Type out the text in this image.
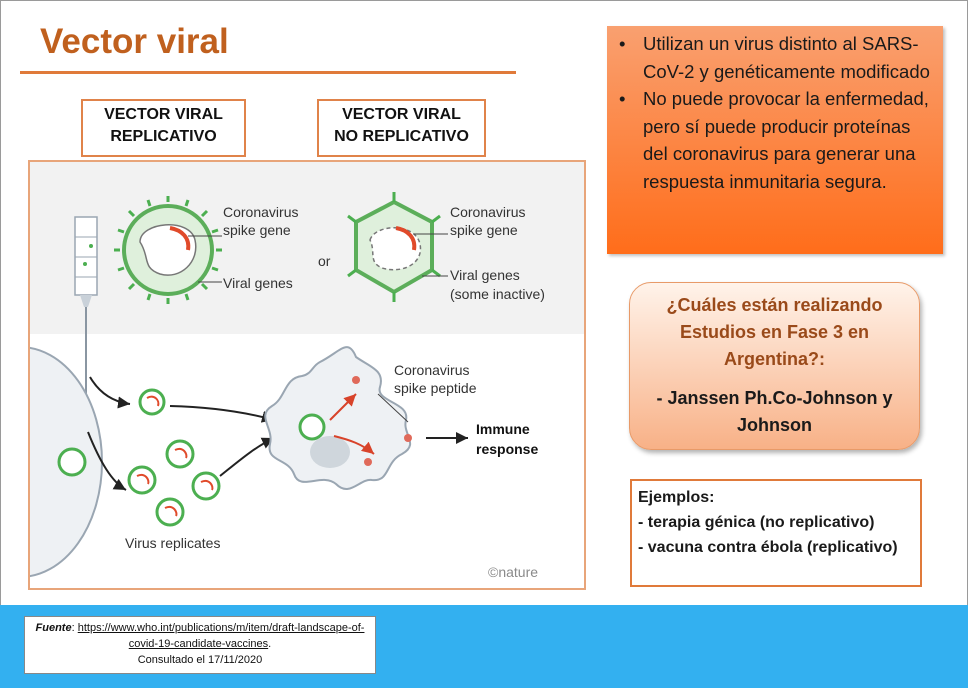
Vector viral
VECTOR VIRAL
REPLICATIVO
VECTOR VIRAL
NO REPLICATIVO
Coronavirus
spike gene
Viral genes
or
Coronavirus
spike gene
Viral genes
(some inactive)
Coronavirus
spike peptide
Immune
response
Virus replicates
©nature
• Utilizan un virus distinto al SARS-CoV-2 y genéticamente modificado
• No puede provocar la enfermedad, pero sí puede producir proteínas del coronavirus para generar una respuesta inmunitaria segura.
¿Cuáles están realizando Estudios en Fase 3 en Argentina?:
- Janssen Ph.Co-Johnson y Johnson
Ejemplos:
- terapia génica (no replicativo)
- vacuna contra ébola (replicativo)
Fuente: https://www.who.int/publications/m/item/draft-landscape-of-covid-19-candidate-vaccines.
Consultado el 17/11/2020
